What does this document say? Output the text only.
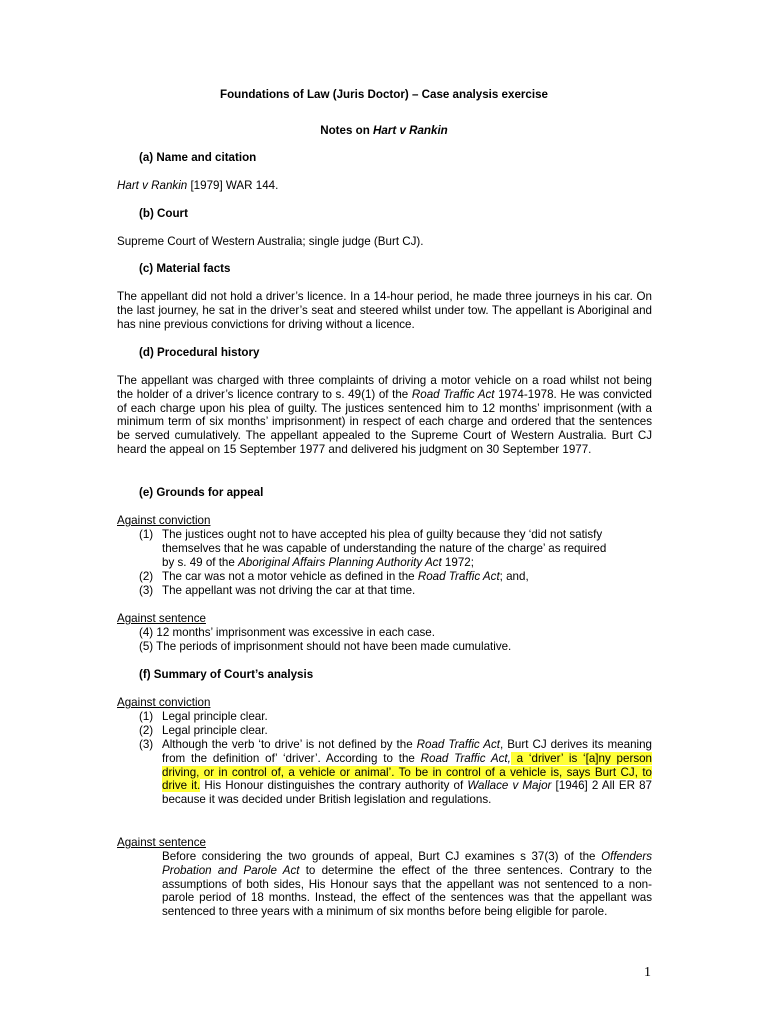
Foundations of Law (Juris Doctor) – Case analysis exercise
Notes on Hart v Rankin
(a) Name and citation
Hart v Rankin [1979] WAR 144.
(b) Court
Supreme Court of Western Australia; single judge (Burt CJ).
(c) Material facts
The appellant did not hold a driver’s licence. In a 14-hour period, he made three journeys in his car. On the last journey, he sat in the driver’s seat and steered whilst under tow. The appellant is Aboriginal and has nine previous convictions for driving without a licence.
(d) Procedural history
The appellant was charged with three complaints of driving a motor vehicle on a road whilst not being the holder of a driver’s licence contrary to s. 49(1) of the Road Traffic Act 1974-1978. He was convicted of each charge upon his plea of guilty. The justices sentenced him to 12 months’ imprisonment (with a minimum term of six months’ imprisonment) in respect of each charge and ordered that the sentences be served cumulatively. The appellant appealed to the Supreme Court of Western Australia. Burt CJ heard the appeal on 15 September 1977 and delivered his judgment on 30 September 1977.
(e) Grounds for appeal
Against conviction
(1) The justices ought not to have accepted his plea of guilty because they ‘did not satisfy
themselves that he was capable of understanding the nature of the charge’ as required
by s. 49 of the Aboriginal Affairs Planning Authority Act 1972;
(2) The car was not a motor vehicle as defined in the Road Traffic Act; and,
(3) The appellant was not driving the car at that time.
Against sentence
(4) 12 months’ imprisonment was excessive in each case.
(5) The periods of imprisonment should not have been made cumulative.
(f) Summary of Court’s analysis
Against conviction
(1) Legal principle clear.
(2) Legal principle clear.
(3) Although the verb ‘to drive’ is not defined by the Road Traffic Act, Burt CJ derives its meaning from the definition of’ ‘driver’. According to the Road Traffic Act, a ‘driver’ is ‘[a]ny person driving, or in control of, a vehicle or animal’. To be in control of a vehicle is, says Burt CJ, to drive it. His Honour distinguishes the contrary authority of Wallace v Major [1946] 2 All ER 87 because it was decided under British legislation and regulations.
Against sentence
Before considering the two grounds of appeal, Burt CJ examines s 37(3) of the Offenders Probation and Parole Act to determine the effect of the three sentences. Contrary to the assumptions of both sides, His Honour says that the appellant was not sentenced to a non-parole period of 18 months. Instead, the effect of the sentences was that the appellant was sentenced to three years with a minimum of six months before being eligible for parole.
1
